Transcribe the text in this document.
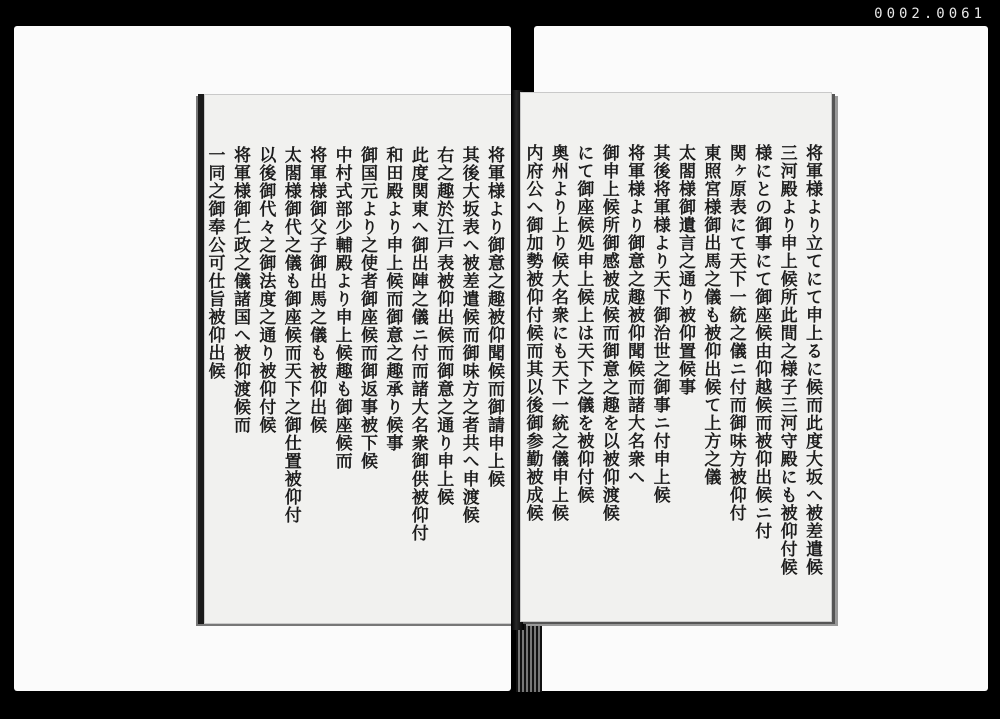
0002.0061
将軍様より御意之趣被仰聞候而御請申上候
其後大坂表へ被差遣候而御味方之者共へ申渡候
右之趣於江戸表被仰出候而御意之通り申上候
此度関東へ御出陣之儀ニ付而諸大名衆御供被仰付
和田殿より申上候而御意之趣承り候事
御国元より之使者御座候而御返事被下候
中村式部少輔殿より申上候趣も御座候而
将軍様御父子御出馬之儀も被仰出候
太閤様御代之儀も御座候而天下之御仕置被仰付
以後御代々之御法度之通り被仰付候
将軍様御仁政之儀諸国へ被仰渡候而
一同之御奉公可仕旨被仰出候	将軍様より立てにて申上るに候而此度大坂へ被差遣候
三河殿より申上候所此間之様子三河守殿にも被仰付候
様にとの御事にて御座候由仰越候而被仰出候ニ付
関ヶ原表にて天下一統之儀ニ付而御味方被仰付
東照宮様御出馬之儀も被仰出候て上方之儀
太閤様御遺言之通り被仰置候事
其後将軍様より天下御治世之御事ニ付申上候
将軍様より御意之趣被仰聞候而諸大名衆へ
御申上候所御感被成候而御意之趣を以被仰渡候
にて御座候処申上候上は天下之儀を被仰付候
奥州より上り候大名衆にも天下一統之儀申上候
内府公へ御加勢被仰付候而其以後御参勤被成候
